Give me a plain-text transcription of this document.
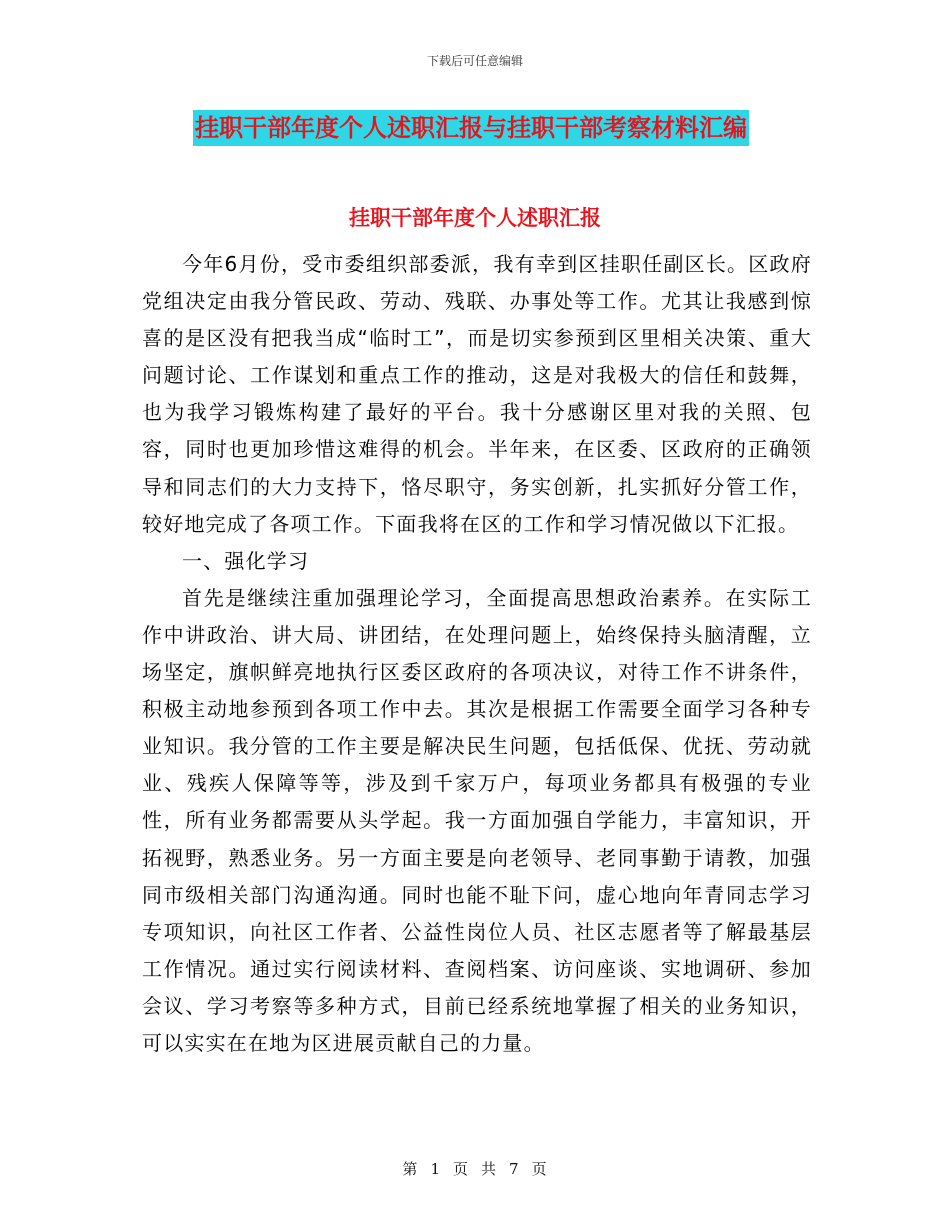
下载后可任意编辑
挂职干部年度个人述职汇报与挂职干部考察材料汇编
挂职干部年度个人述职汇报

今年6月份，受市委组织部委派，我有幸到区挂职任副区长。区政府党组决定由我分管民政、劳动、残联、办事处等工作。尤其让我感到惊喜的是区没有把我当成“临时工”，而是切实参预到区里相关决策、重大问题讨论、工作谋划和重点工作的推动，这是对我极大的信任和鼓舞，也为我学习锻炼构建了最好的平台。我十分感谢区里对我的关照、包容，同时也更加珍惜这难得的机会。半年来，在区委、区政府的正确领导和同志们的大力支持下，恪尽职守，务实创新，扎实抓好分管工作，较好地完成了各项工作。下面我将在区的工作和学习情况做以下汇报。

一、强化学习

首先是继续注重加强理论学习，全面提高思想政治素养。在实际工作中讲政治、讲大局、讲团结，在处理问题上，始终保持头脑清醒，立场坚定，旗帜鲜亮地执行区委区政府的各项决议，对待工作不讲条件，积极主动地参预到各项工作中去。其次是根据工作需要全面学习各种专业知识。我分管的工作主要是解决民生问题，包括低保、优抚、劳动就业、残疾人保障等等，涉及到千家万户，每项业务都具有极强的专业性，所有业务都需要从头学起。我一方面加强自学能力，丰富知识，开拓视野，熟悉业务。另一方面主要是向老领导、老同事勤于请教，加强同市级相关部门沟通沟通。同时也能不耻下问，虚心地向年青同志学习专项知识，向社区工作者、公益性岗位人员、社区志愿者等了解最基层工作情况。通过实行阅读材料、查阅档案、访问座谈、实地调研、参加会议、学习考察等多种方式，目前已经系统地掌握了相关的业务知识，可以实实在在地为区进展贡献自己的力量。

第 1 页 共 7 页
